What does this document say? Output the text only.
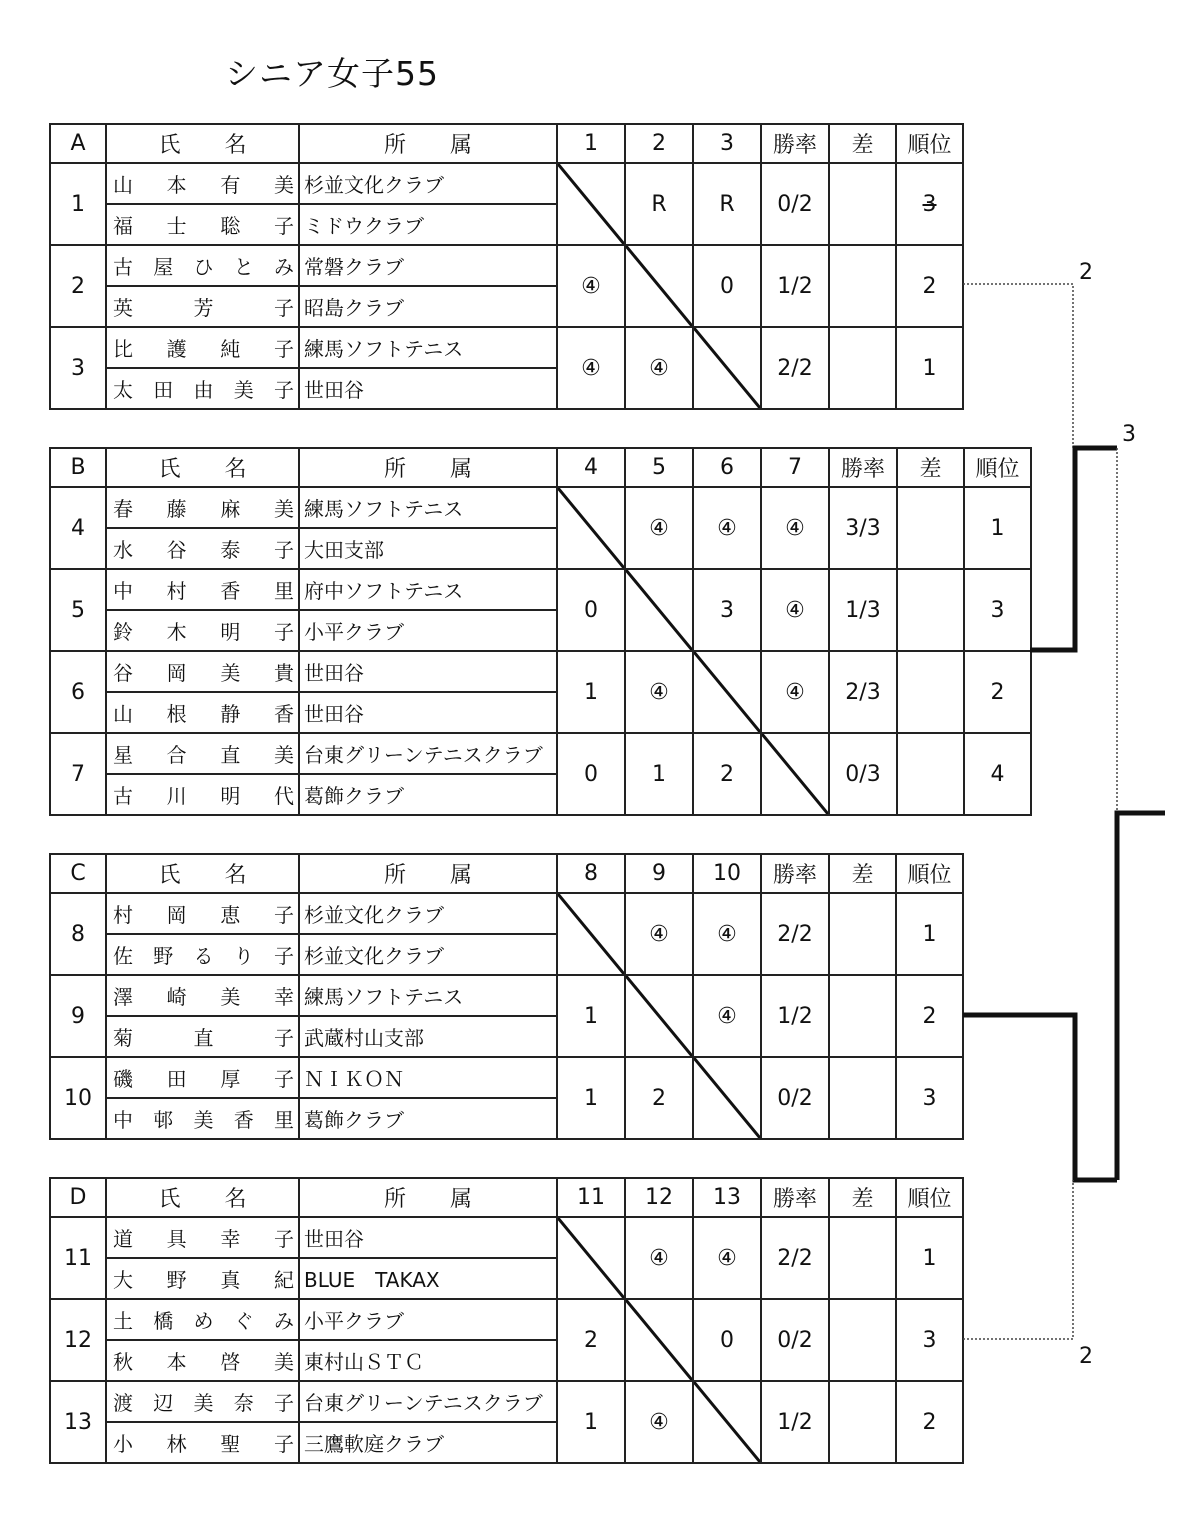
シニア女子55
A	氏　　名	所　　属	1	2	3	勝率	差	順位
1	山 本 有 美	杉並文化クラブ		R	R	0/2		3

	福 士 聡 子	ミドウクラブ						
2	古 屋 ひ と み	常磐クラブ	④		0	1/2		2

	英 芳 子	昭島クラブ						
3	比 護 純 子	練馬ソフトテニス	④	④		2/2		1

	太 田 由 美 子	世田谷						
B	氏　　名	所　　属	4	5	6	7	勝率	差	順位
4	春 藤 麻 美	練馬ソフトテニス		④	④	④	3/3		1

	水 谷 泰 子	大田支部							
5	中 村 香 里	府中ソフトテニス	0		3	④	1/3		3

	鈴 木 明 子	小平クラブ							
6	谷 岡 美 貴	世田谷	1	④		④	2/3		2

	山 根 静 香	世田谷							
7	星 合 直 美	台東グリーンテニスクラブ	0	1	2		0/3		4

	古 川 明 代	葛飾クラブ							
C	氏　　名	所　　属	8	9	10	勝率	差	順位
8	村 岡 恵 子	杉並文化クラブ		④	④	2/2		1

	佐 野 る り 子	杉並文化クラブ						
9	澤 崎 美 幸	練馬ソフトテニス	1		④	1/2		2

	菊 直 子	武蔵村山支部						
10	磯 田 厚 子	ＮＩＫＯＮ	1	2		0/2		3

	中 邨 美 香 里	葛飾クラブ						
D	氏　　名	所　　属	11	12	13	勝率	差	順位
11	道 具 幸 子	世田谷		④	④	2/2		1

	大 野 真 紀	BLUE　TAKAX						
12	土 橋 め ぐ み	小平クラブ	2		0	0/2		3

	秋 本 啓 美	東村山ＳＴＣ						
13	渡 辺 美 奈 子	台東グリーンテニスクラブ	1	④		1/2		2

	小 林 聖 子	三鷹軟庭クラブ						
2
3
2
